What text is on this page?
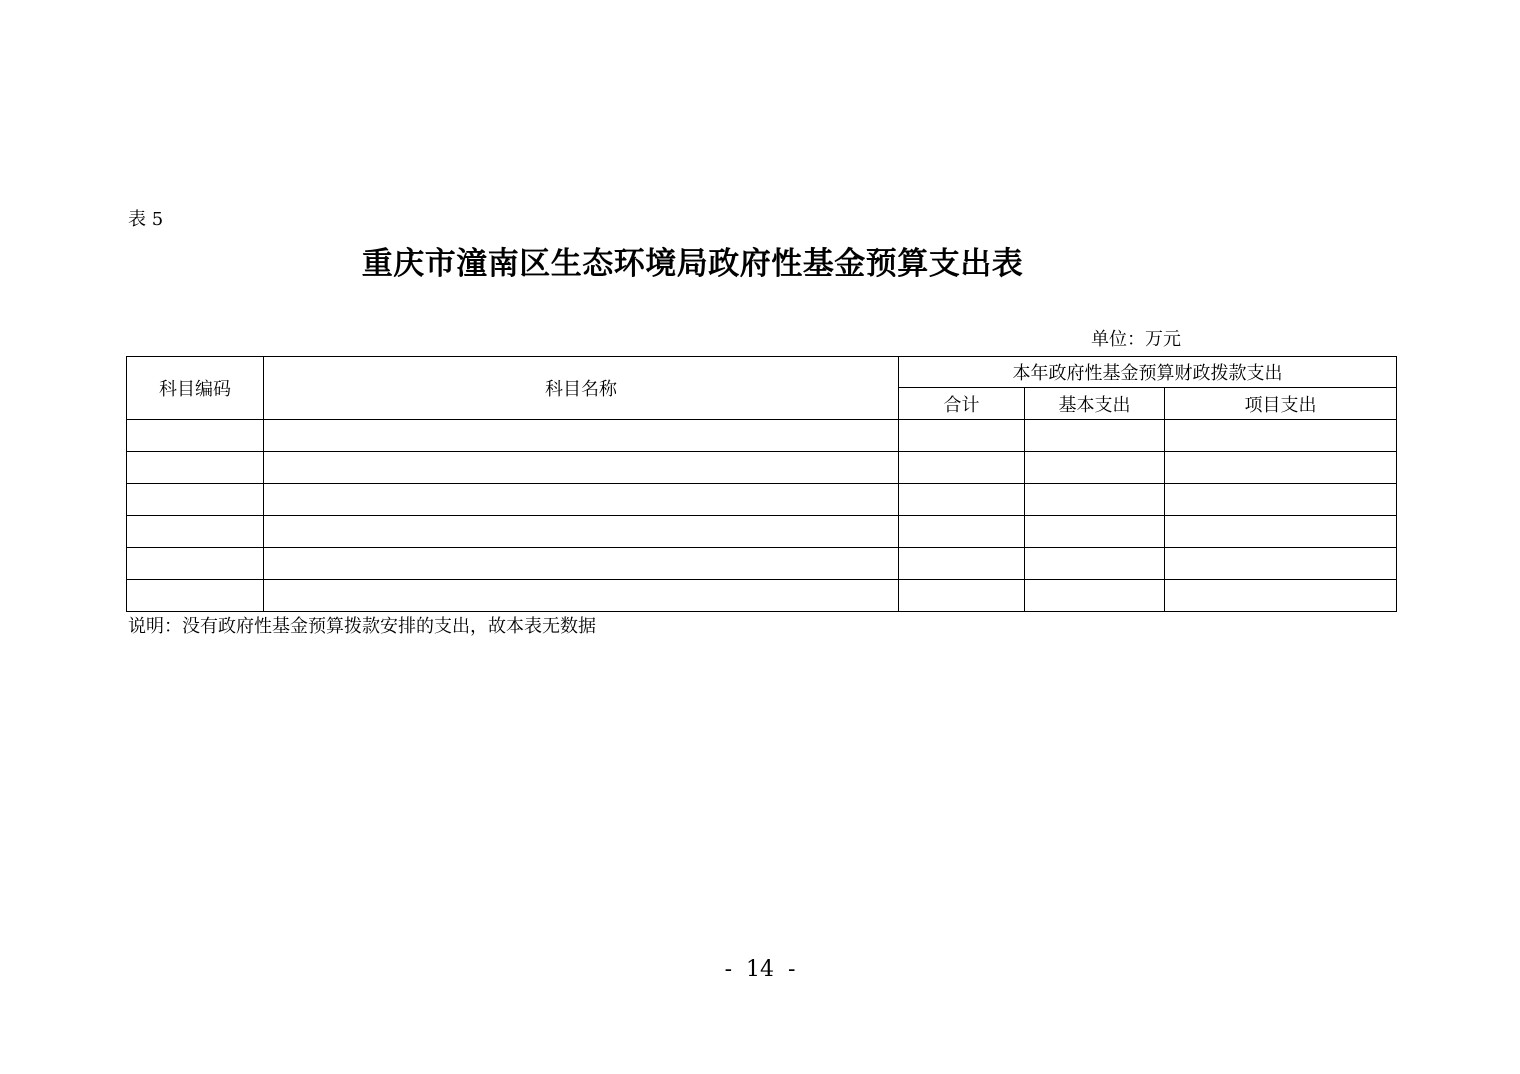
表 5
重庆市潼南区生态环境局政府性基金预算支出表
单位：万元
科目编码	科目名称	本年政府性基金预算财政拨款支出		
		合计	基本支出	项目支出

说明：没有政府性基金预算拨款安排的支出，故本表无数据
-  14  -
